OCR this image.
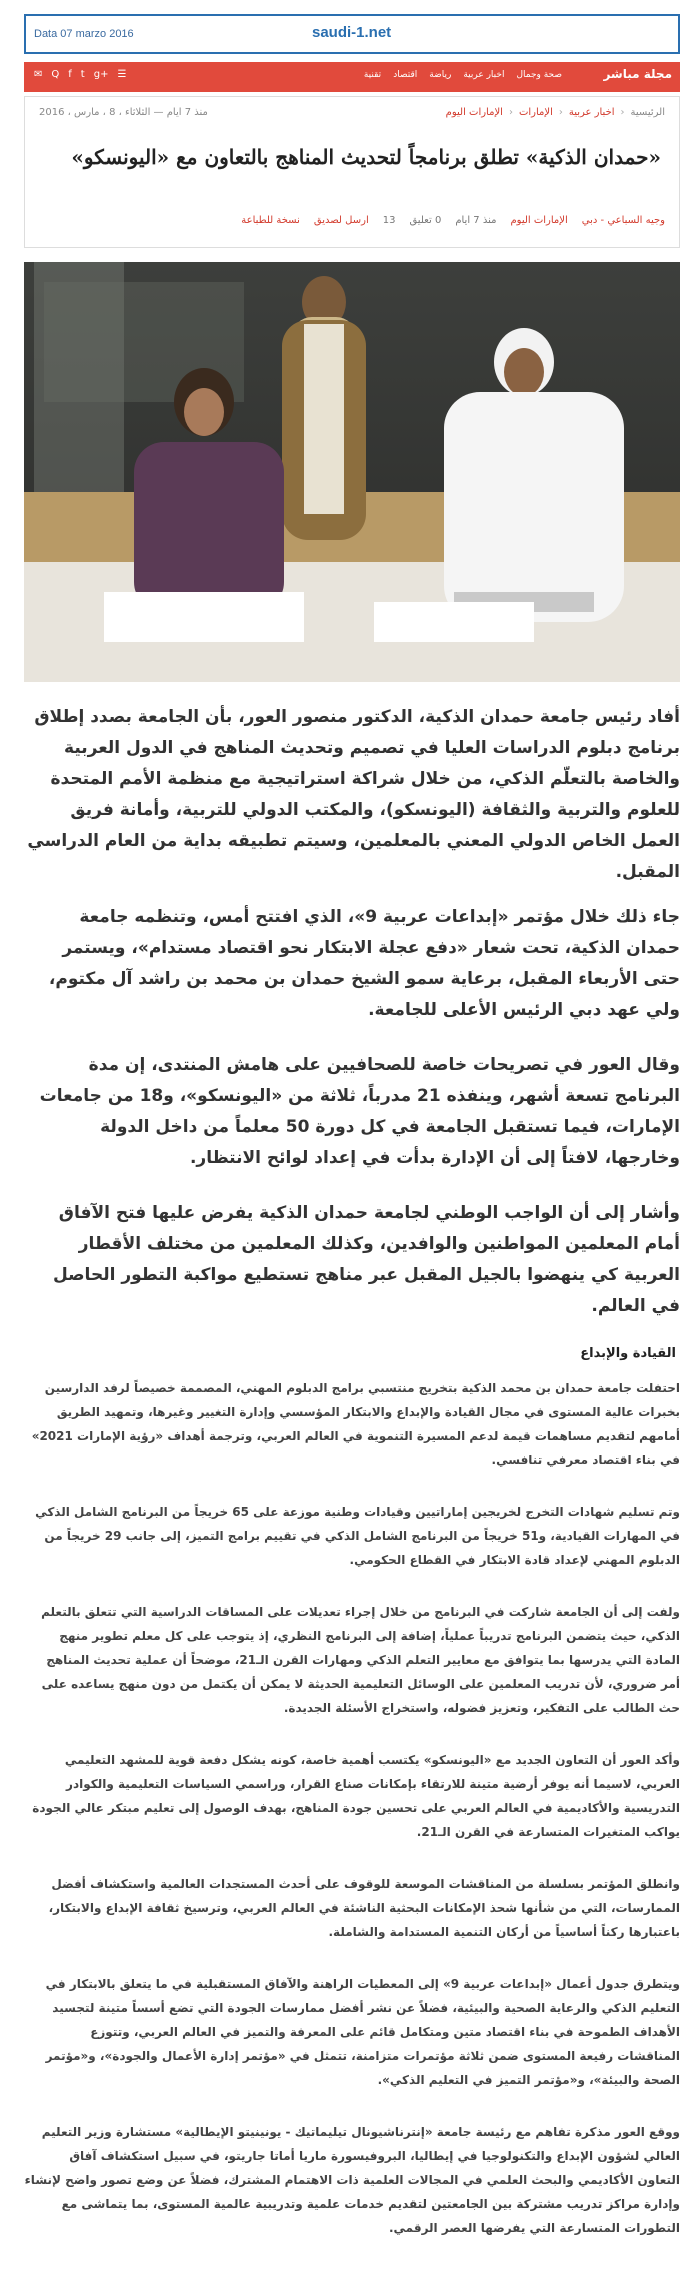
Data 07 marzo 2016	saudi-1.net
مجلة مباشر
صحة وجمال
اخبار عربية
رياضة
اقتصاد
تقنية
✉ Q f t g+ ☰
الرئيسية
‹
اخبار عربية
‹
الإمارات
‹
الإمارات اليوم
منذ 7 ايام — الثلاثاء ، 8 ، مارس ، 2016
«حمدان الذكية» تطلق برنامجاً لتحديث المناهج بالتعاون مع «اليونسكو»
وجيه السباعي - دبي
الإمارات اليوم
منذ 7 ايام
0 تعليق
13
ارسل لصديق
نسخة للطباعة

أفاد رئيس جامعة حمدان الذكية، الدكتور منصور العور، بأن الجامعة بصدد إطلاق برنامج دبلوم الدراسات العليا في تصميم وتحديث المناهج في الدول العربية والخاصة بالتعلّم الذكي، من خلال شراكة استراتيجية مع منظمة الأمم المتحدة للعلوم والتربية والثقافة (اليونسكو)، والمكتب الدولي للتربية، وأمانة فريق العمل الخاص الدولي المعني بالمعلمين، وسيتم تطبيقه بداية من العام الدراسي المقبل.

جاء ذلك خلال مؤتمر «إبداعات عربية 9»، الذي افتتح أمس، وتنظمه جامعة حمدان الذكية، تحت شعار «دفع عجلة الابتكار نحو اقتصاد مستدام»، ويستمر حتى الأربعاء المقبل، برعاية سمو الشيخ حمدان بن محمد بن راشد آل مكتوم، ولي عهد دبي الرئيس الأعلى للجامعة.

وقال العور في تصريحات خاصة للصحافيين على هامش المنتدى، إن مدة البرنامج تسعة أشهر، وينفذه 21 مدرباً، ثلاثة من «اليونسكو»، و18 من جامعات الإمارات، فيما تستقبل الجامعة في كل دورة 50 معلماً من داخل الدولة وخارجها، لافتاً إلى أن الإدارة بدأت في إعداد لوائح الانتظار.

وأشار إلى أن الواجب الوطني لجامعة حمدان الذكية يفرض عليها فتح الآفاق أمام المعلمين المواطنين والوافدين، وكذلك المعلمين من مختلف الأقطار العربية كي ينهضوا بالجيل المقبل عبر مناهج تستطيع مواكبة التطور الحاصل في العالم.

القيادة والإبداع

احتفلت جامعة حمدان بن محمد الذكية بتخريج منتسبي برامج الدبلوم المهني، المصممة خصيصاً لرفد الدارسين بخبرات عالية المستوى في مجال القيادة والإبداع والابتكار المؤسسي وإدارة التغيير وغيرها، وتمهيد الطريق أمامهم لتقديم مساهمات قيمة لدعم المسيرة التنموية في العالم العربي، وترجمة أهداف «رؤية الإمارات 2021» في بناء اقتصاد معرفي تنافسي.

وتم تسليم شهادات التخرج لخريجين إماراتيين وقيادات وطنية موزعة على 65 خريجاً من البرنامج الشامل الذكي في المهارات القيادية، و51 خريجاً من البرنامج الشامل الذكي في تقييم برامج التميز، إلى جانب 29 خريجاً من الدبلوم المهني لإعداد قادة الابتكار في القطاع الحكومي.

ولفت إلى أن الجامعة شاركت في البرنامج من خلال إجراء تعديلات على المساقات الدراسية التي تتعلق بالتعلم الذكي، حيث يتضمن البرنامج تدريباً عملياً، إضافة إلى البرنامج النظري، إذ يتوجب على كل معلم تطوير منهج المادة التي يدرسها بما يتوافق مع معايير التعلم الذكي ومهارات القرن الـ21، موضحاً أن عملية تحديث المناهج أمر ضروري، لأن تدريب المعلمين على الوسائل التعليمية الحديثة لا يمكن أن يكتمل من دون منهج يساعده على حث الطالب على التفكير، وتعزيز فضوله، واستخراج الأسئلة الجديدة.

وأكد العور أن التعاون الجديد مع «اليونسكو» يكتسب أهمية خاصة، كونه يشكل دفعة قوية للمشهد التعليمي العربي، لاسيما أنه يوفر أرضية متينة للارتقاء بإمكانات صناع القرار، وراسمي السياسات التعليمية والكوادر التدريسية والأكاديمية في العالم العربي على تحسين جودة المناهج، بهدف الوصول إلى تعليم مبتكر عالي الجودة يواكب المتغيرات المتسارعة في القرن الـ21.

وانطلق المؤتمر بسلسلة من المناقشات الموسعة للوقوف على أحدث المستجدات العالمية واستكشاف أفضل الممارسات، التي من شأنها شحذ الإمكانات البحثية الناشئة في العالم العربي، وترسيخ ثقافة الإبداع والابتكار، باعتبارها ركناً أساسياً من أركان التنمية المستدامة والشاملة.

ويتطرق جدول أعمال «إبداعات عربية 9» إلى المعطيات الراهنة والآفاق المستقبلية في ما يتعلق بالابتكار في التعليم الذكي والرعاية الصحية والبيئية، فضلاً عن نشر أفضل ممارسات الجودة التي تضع أسساً متينة لتجسيد الأهداف الطموحة في بناء اقتصاد متين ومتكامل قائم على المعرفة والتميز في العالم العربي، وتتوزع المناقشات رفيعة المستوى ضمن ثلاثة مؤتمرات متزامنة، تتمثل في «مؤتمر إدارة الأعمال والجودة»، و«مؤتمر الصحة والبيئة»، و«مؤتمر التميز في التعليم الذكي».

ووقع العور مذكرة تفاهم مع رئيسة جامعة «إنترناشيونال تيليماتيك - يونينيتو الإيطالية» مستشارة وزير التعليم العالي لشؤون الإبداع والتكنولوجيا في إيطاليا، البروفيسورة ماريا أماتا جاريتو، في سبيل استكشاف آفاق التعاون الأكاديمي والبحث العلمي في المجالات العلمية ذات الاهتمام المشترك، فضلاً عن وضع تصور واضح لإنشاء وإدارة مراكز تدريب مشتركة بين الجامعتين لتقديم خدمات علمية وتدريبية عالمية المستوى، بما يتماشى مع التطورات المتسارعة التي يفرضها العصر الرقمي.
